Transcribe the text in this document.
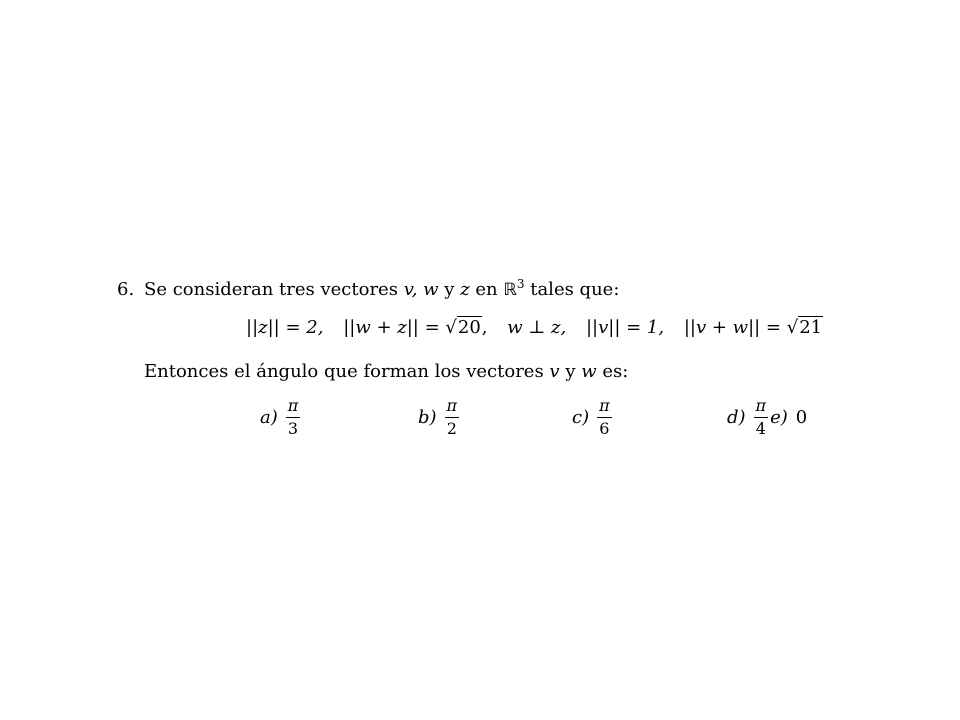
6. Se consideran tres vectores v, w y z en ℝ$^3$ tales que:
||z|| = 2, ||w + z|| = √20, w ⊥ z, ||v|| = 1, ||v + w|| = √21
Entonces el ángulo que forman los vectores v y w es:
$a) \frac{\pi}{3}$	$b) \frac{\pi}{2}$	$c) \frac{\pi}{6}$	$d) \frac{\pi}{4} e$) 0
